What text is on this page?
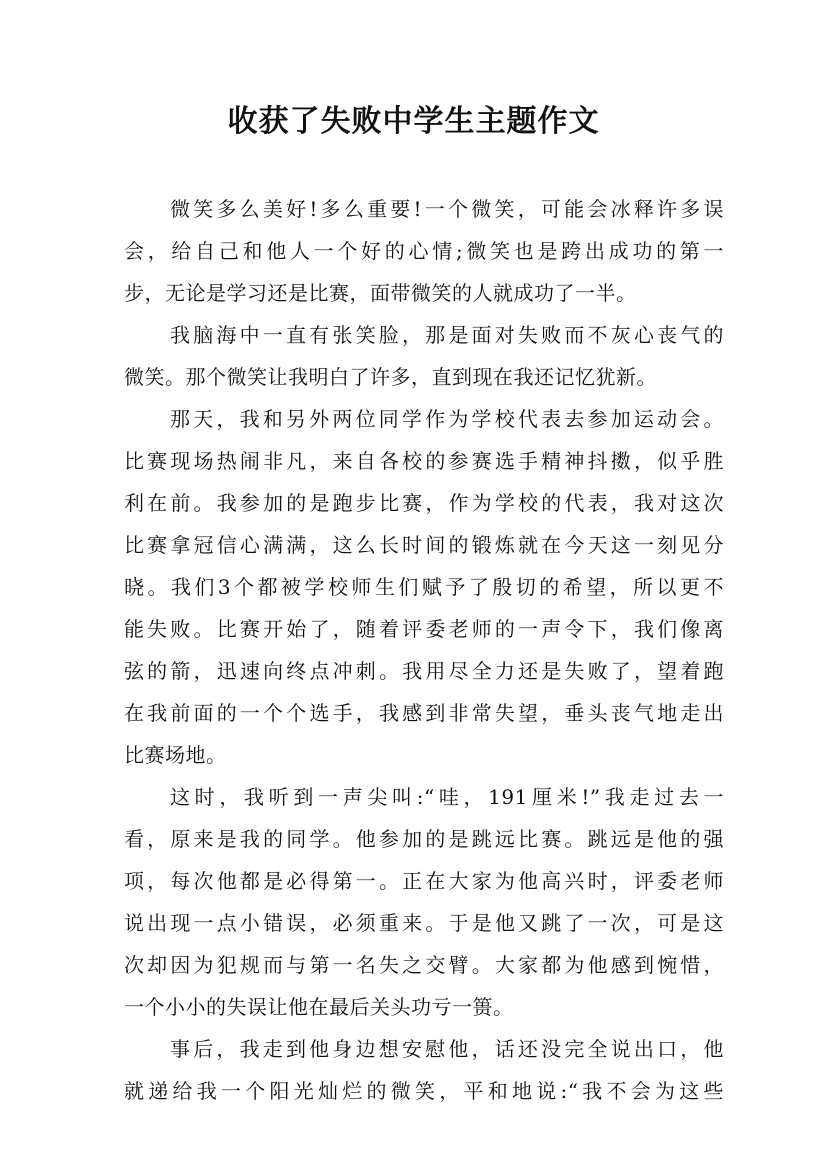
收获了失败中学生主题作文
微笑多么美好!多么重要!一个微笑，可能会冰释许多误
会，给自己和他人一个好的心情;微笑也是跨出成功的第一
步，无论是学习还是比赛，面带微笑的人就成功了一半。
我脑海中一直有张笑脸，那是面对失败而不灰心丧气的
微笑。那个微笑让我明白了许多，直到现在我还记忆犹新。
那天，我和另外两位同学作为学校代表去参加运动会。
比赛现场热闹非凡，来自各校的参赛选手精神抖擞，似乎胜
利在前。我参加的是跑步比赛，作为学校的代表，我对这次
比赛拿冠信心满满，这么长时间的锻炼就在今天这一刻见分
晓。我们3个都被学校师生们赋予了殷切的希望，所以更不
能失败。比赛开始了，随着评委老师的一声令下，我们像离
弦的箭，迅速向终点冲刺。我用尽全力还是失败了，望着跑
在我前面的一个个选手，我感到非常失望，垂头丧气地走出
比赛场地。
这时，我听到一声尖叫:“哇，191厘米!”我走过去一
看，原来是我的同学。他参加的是跳远比赛。跳远是他的强
项，每次他都是必得第一。正在大家为他高兴时，评委老师
说出现一点小错误，必须重来。于是他又跳了一次，可是这
次却因为犯规而与第一名失之交臂。大家都为他感到惋惜，
一个小小的失误让他在最后关头功亏一篑。
事后，我走到他身边想安慰他，话还没完全说出口，他
就递给我一个阳光灿烂的微笑，平和地说:“我不会为这些
